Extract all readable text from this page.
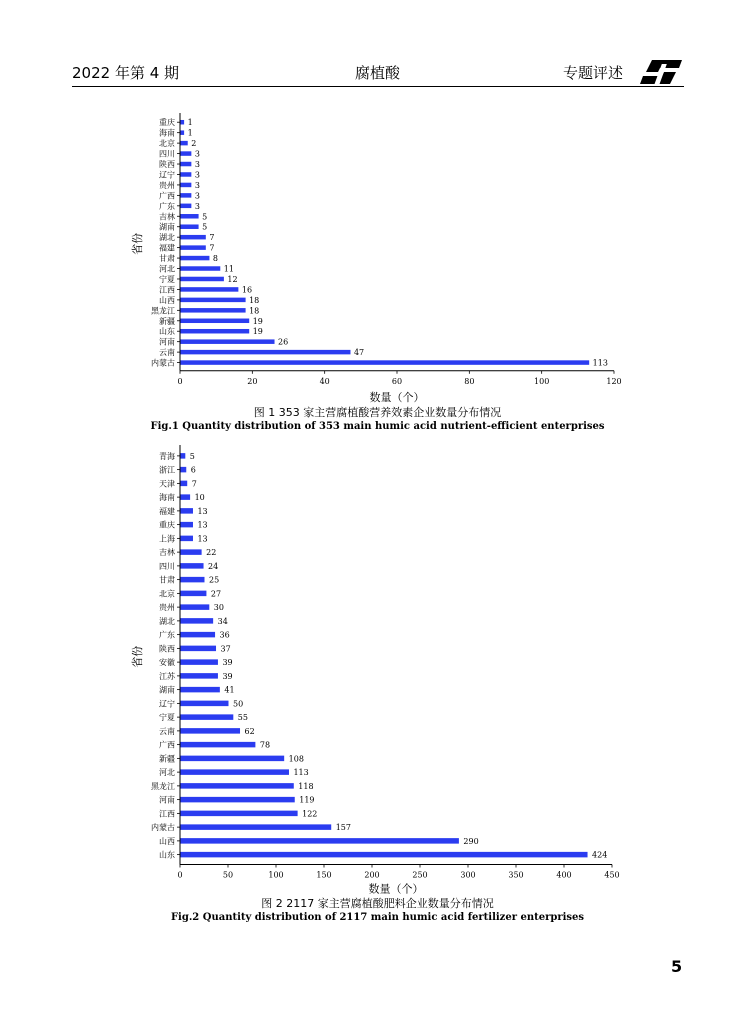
2022 年第 4 期	腐植酸	专题评述
重庆 1
海南 1
北京 2
四川 3
陕西 3
辽宁 3
贵州 3
广西 3
广东 3
吉林	5
湖南	5
湖北	7
福建	7
甘肃	8
河北	11
宁夏	12
江西	16
山西	18
黑龙江	18
新疆	19
山东	19
河南	26
云南	47
内蒙古	113
0	20	40	60	80	100	120
数量（个）
省份
图 1 353 家主营腐植酸营养效素企业数量分布情况
Fig.1 Quantity distribution of 353 main humic acid nutrient-efficient enterprises
青海 5
浙江 6
天津 7
海南 10
福建	13
重庆	13
上海	13
吉林	22
四川	24
甘肃	25
北京	27
贵州	30
湖北	34
广东	36
陕西	37
安徽	39
江苏	39
湖南	41
辽宁	50
宁夏	55
云南	62
广西	78
新疆	108
河北	113
黑龙江	118
河南	119
江西	122
内蒙古	157
山西	290
山东	424
0	50	100	150	200	250	300	350	400	450
数量（个）
省份
图 2 2117 家主营腐植酸肥料企业数量分布情况
Fig.2 Quantity distribution of 2117 main humic acid fertilizer enterprises
5
